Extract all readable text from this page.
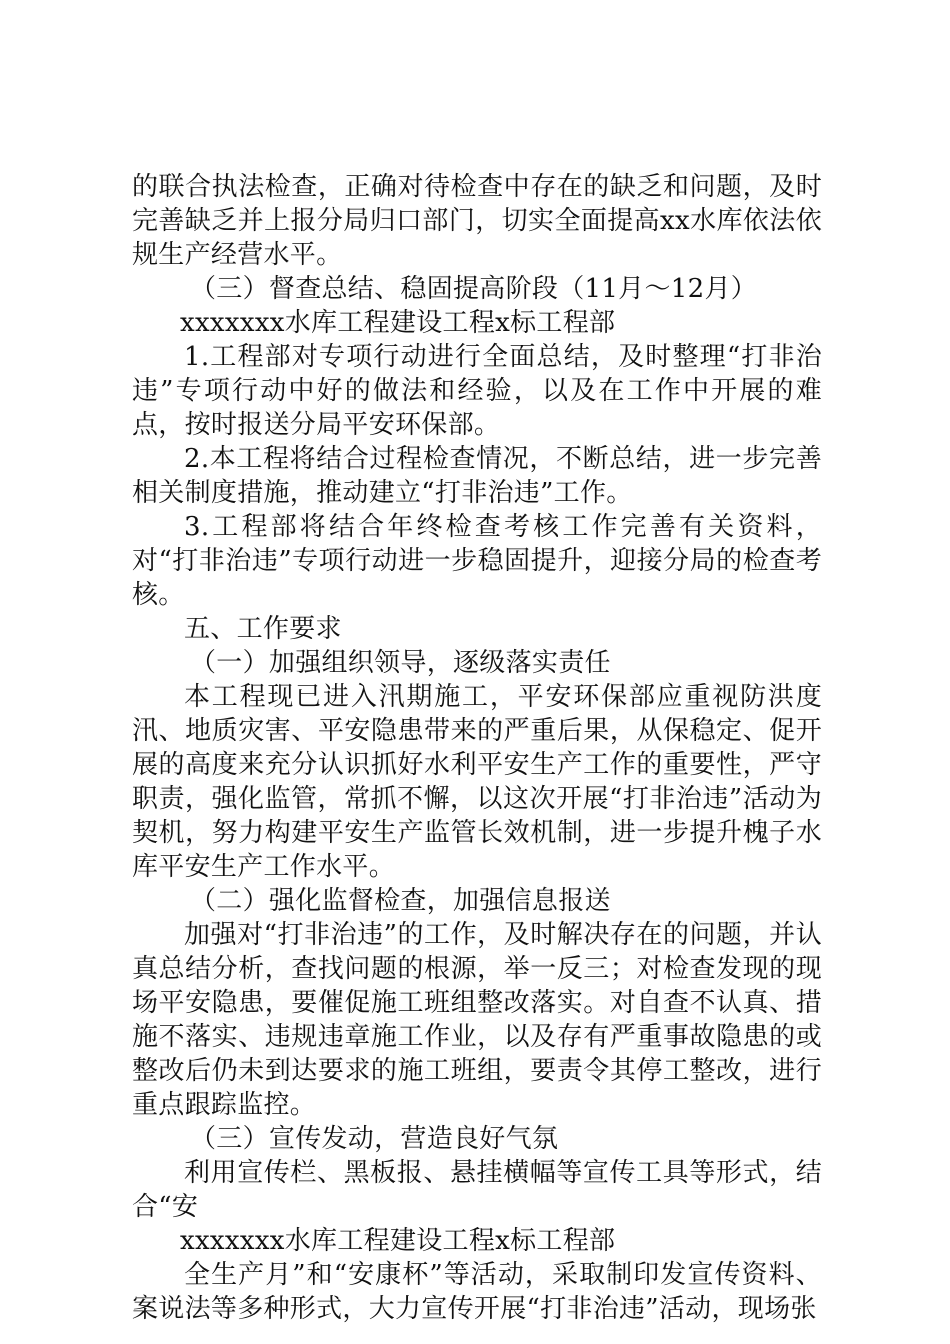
的联合执法检查，正确对待检查中存在的缺乏和问题，及时完善缺乏并上报分局归口部门，切实全面提高xx水库依法依规生产经营水平。

（三）督查总结、稳固提高阶段（11月～12月）

xxxxxxx水库工程建设工程x标工程部

1.工程部对专项行动进行全面总结，及时整理“打非治违”专项行动中好的做法和经验，以及在工作中开展的难点，按时报送分局平安环保部。

2.本工程将结合过程检查情况，不断总结，进一步完善相关制度措施，推动建立“打非治违”工作。

3.工程部将结合年终检查考核工作完善有关资料，对“打非治违”专项行动进一步稳固提升，迎接分局的检查考核。

五、工作要求

（一）加强组织领导，逐级落实责任

本工程现已进入汛期施工，平安环保部应重视防洪度汛、地质灾害、平安隐患带来的严重后果，从保稳定、促开展的高度来充分认识抓好水利平安生产工作的重要性，严守职责，强化监管，常抓不懈，以这次开展“打非治违”活动为契机，努力构建平安生产监管长效机制，进一步提升槐子水库平安生产工作水平。

（二）强化监督检查，加强信息报送

加强对“打非治违”的工作，及时解决存在的问题，并认真总结分析，查找问题的根源，举一反三；对检查发现的现场平安隐患，要催促施工班组整改落实。对自查不认真、措施不落实、违规违章施工作业，以及存有严重事故隐患的或整改后仍未到达要求的施工班组，要责令其停工整改，进行重点跟踪监控。

（三）宣传发动，营造良好气氛

利用宣传栏、黑板报、悬挂横幅等宣传工具等形式，结合“安

xxxxxxx水库工程建设工程x标工程部

全生产月”和“安康杯”等活动，采取制印发宣传资料、案说法等多种形式，大力宣传开展“打非治违”活动，现场张
